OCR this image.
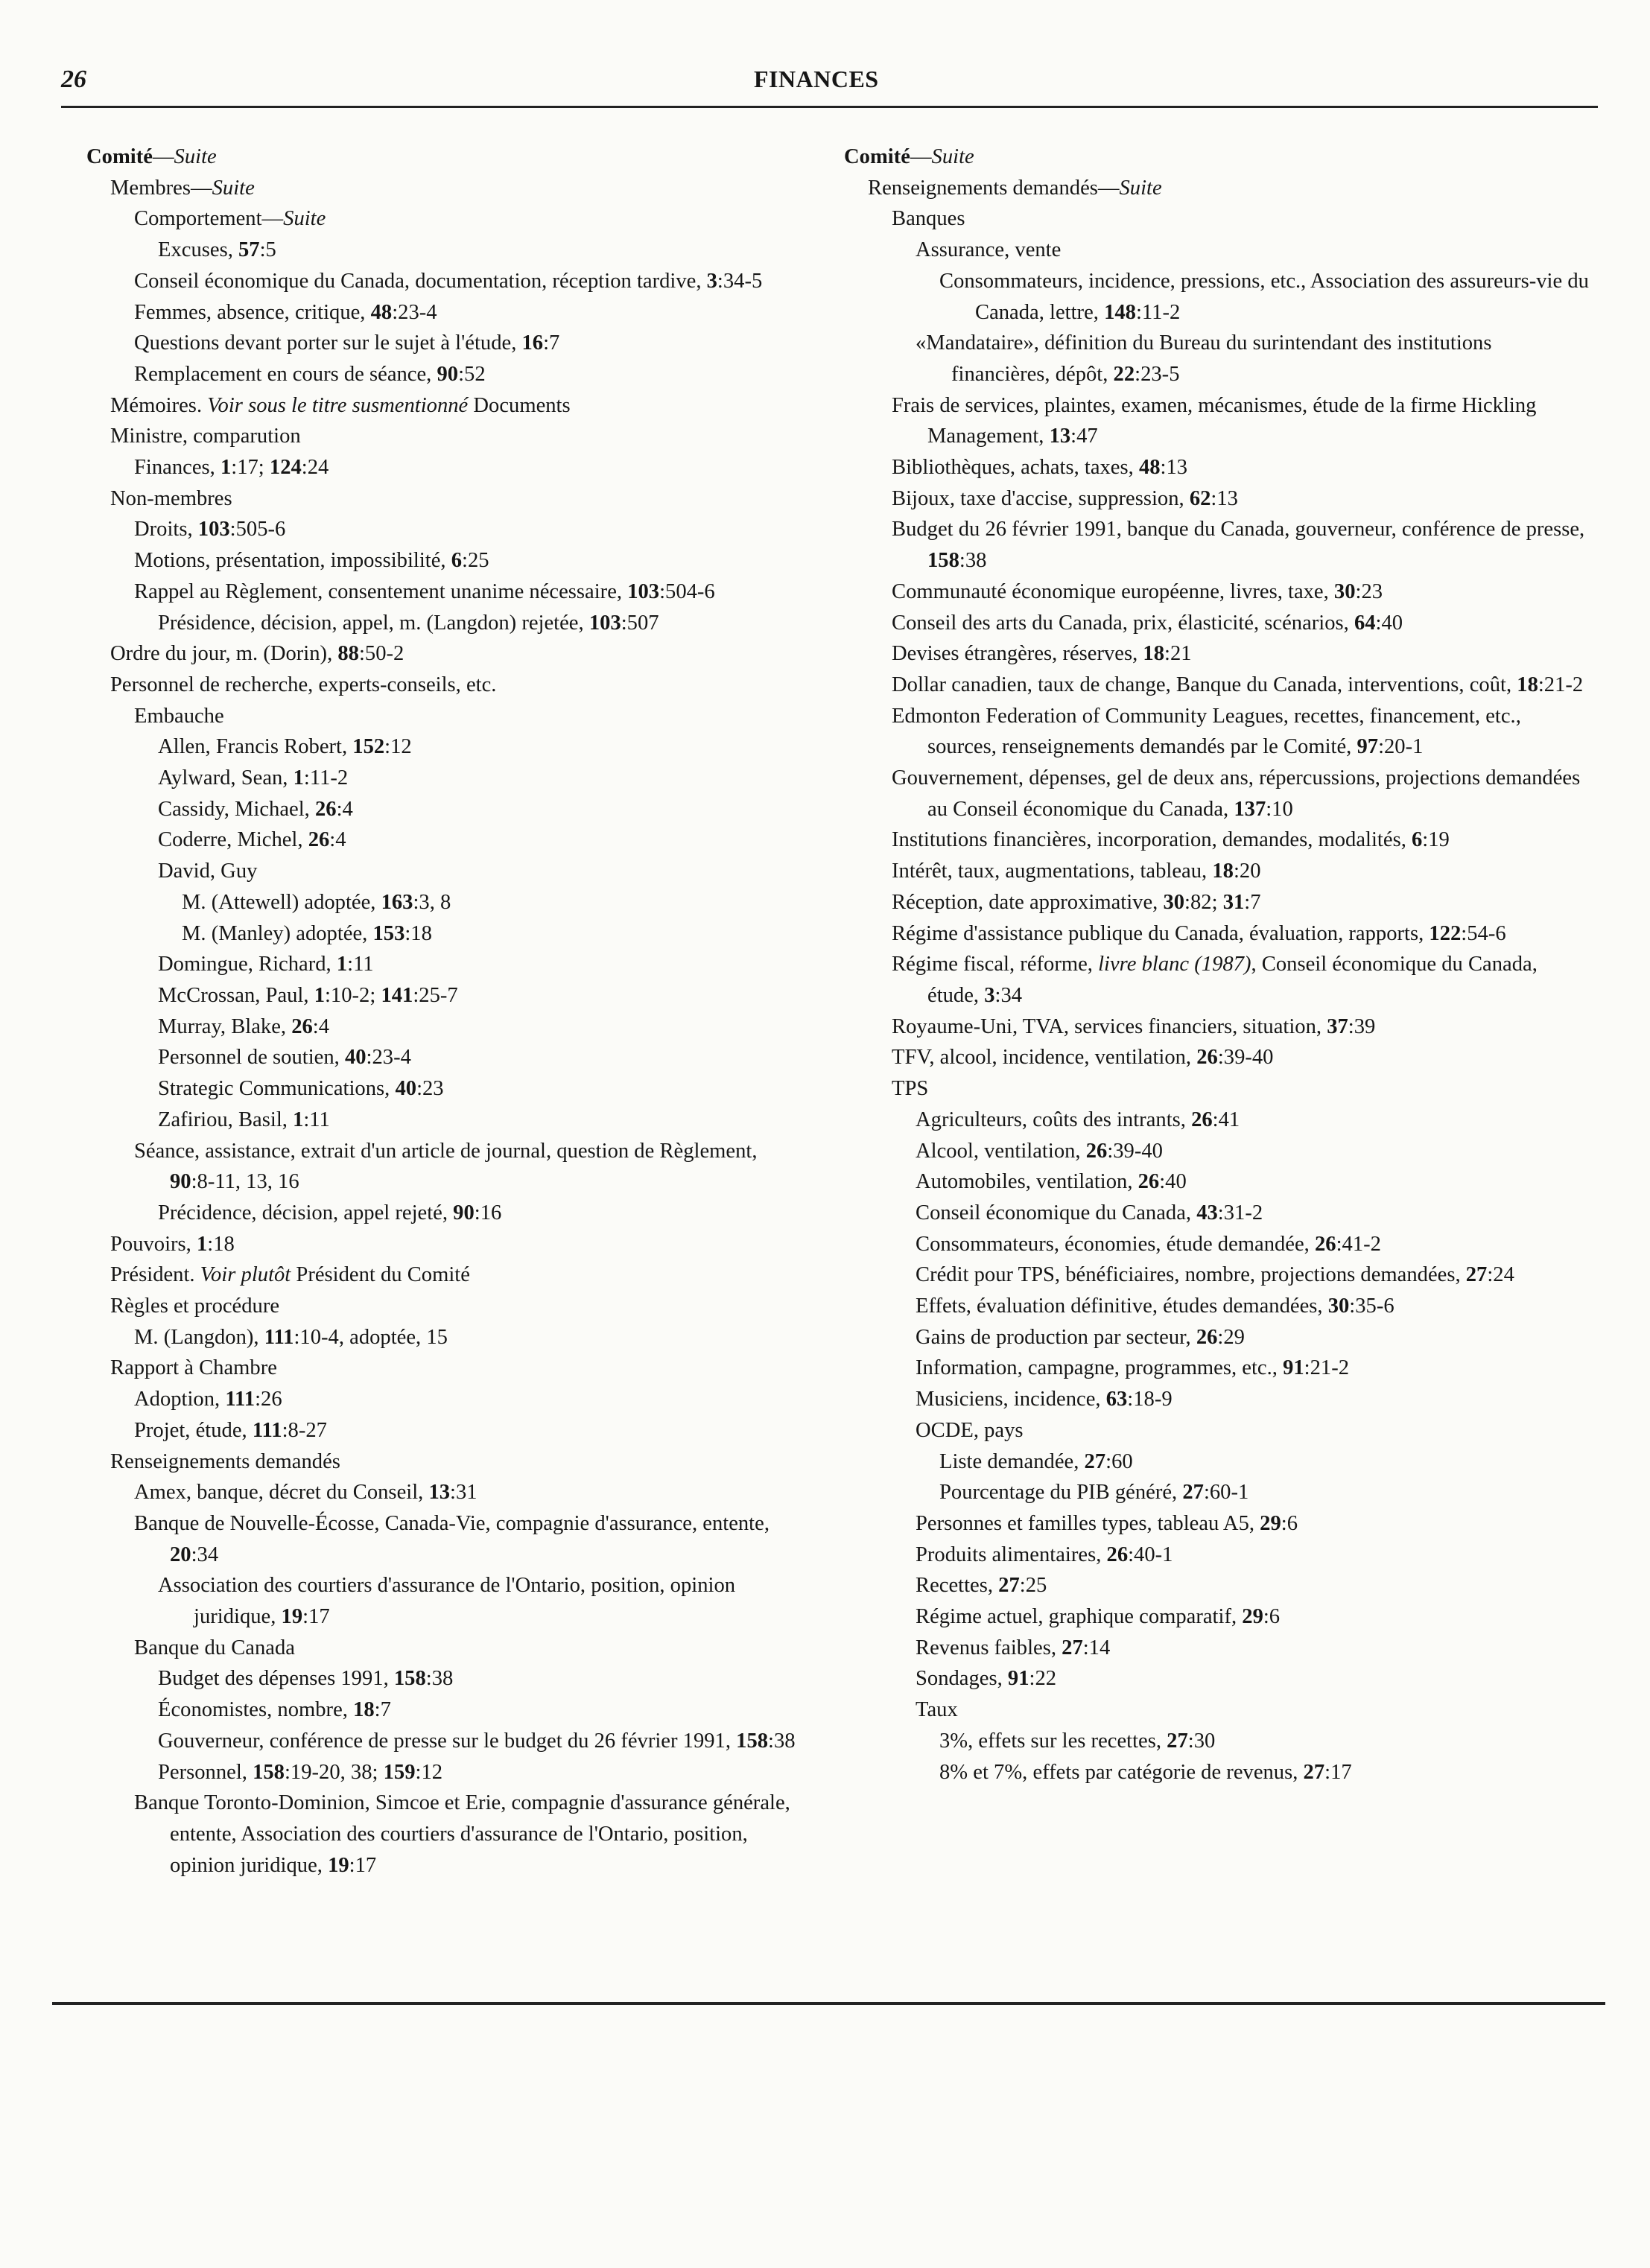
26	FINANCES
Comité—Suite
Membres—Suite
Comportement—Suite
Excuses, 57:5
Conseil économique du Canada, documentation, réception tardive, 3:34-5
Femmes, absence, critique, 48:23-4
Questions devant porter sur le sujet à l'étude, 16:7
Remplacement en cours de séance, 90:52
Mémoires. Voir sous le titre susmentionné Documents
Ministre, comparution
Finances, 1:17; 124:24
Non-membres
Droits, 103:505-6
Motions, présentation, impossibilité, 6:25
Rappel au Règlement, consentement unanime nécessaire, 103:504-6
Présidence, décision, appel, m. (Langdon) rejetée, 103:507
Ordre du jour, m. (Dorin), 88:50-2
Personnel de recherche, experts-conseils, etc.
Embauche
Allen, Francis Robert, 152:12
Aylward, Sean, 1:11-2
Cassidy, Michael, 26:4
Coderre, Michel, 26:4
David, Guy
M. (Attewell) adoptée, 163:3, 8
M. (Manley) adoptée, 153:18
Domingue, Richard, 1:11
McCrossan, Paul, 1:10-2; 141:25-7
Murray, Blake, 26:4
Personnel de soutien, 40:23-4
Strategic Communications, 40:23
Zafiriou, Basil, 1:11
Séance, assistance, extrait d'un article de journal, question de Règlement, 90:8-11, 13, 16
Précidence, décision, appel rejeté, 90:16
Pouvoirs, 1:18
Président. Voir plutôt Président du Comité
Règles et procédure
M. (Langdon), 111:10-4, adoptée, 15
Rapport à Chambre
Adoption, 111:26
Projet, étude, 111:8-27
Renseignements demandés
Amex, banque, décret du Conseil, 13:31
Banque de Nouvelle-Écosse, Canada-Vie, compagnie d'assurance, entente, 20:34
Association des courtiers d'assurance de l'Ontario, position, opinion juridique, 19:17
Banque du Canada
Budget des dépenses 1991, 158:38
Économistes, nombre, 18:7
Gouverneur, conférence de presse sur le budget du 26 février 1991, 158:38
Personnel, 158:19-20, 38; 159:12
Banque Toronto-Dominion, Simcoe et Erie, compagnie d'assurance générale, entente, Association des courtiers d'assurance de l'Ontario, position, opinion juridique, 19:17
Comité—Suite
Renseignements demandés—Suite
Banques
Assurance, vente
Consommateurs, incidence, pressions, etc., Association des assureurs-vie du Canada, lettre, 148:11-2
«Mandataire», définition du Bureau du surintendant des institutions financières, dépôt, 22:23-5
Frais de services, plaintes, examen, mécanismes, étude de la firme Hickling Management, 13:47
Bibliothèques, achats, taxes, 48:13
Bijoux, taxe d'accise, suppression, 62:13
Budget du 26 février 1991, banque du Canada, gouverneur, conférence de presse, 158:38
Communauté économique européenne, livres, taxe, 30:23
Conseil des arts du Canada, prix, élasticité, scénarios, 64:40
Devises étrangères, réserves, 18:21
Dollar canadien, taux de change, Banque du Canada, interventions, coût, 18:21-2
Edmonton Federation of Community Leagues, recettes, financement, etc., sources, renseignements demandés par le Comité, 97:20-1
Gouvernement, dépenses, gel de deux ans, répercussions, projections demandées au Conseil économique du Canada, 137:10
Institutions financières, incorporation, demandes, modalités, 6:19
Intérêt, taux, augmentations, tableau, 18:20
Réception, date approximative, 30:82; 31:7
Régime d'assistance publique du Canada, évaluation, rapports, 122:54-6
Régime fiscal, réforme, livre blanc (1987), Conseil économique du Canada, étude, 3:34
Royaume-Uni, TVA, services financiers, situation, 37:39
TFV, alcool, incidence, ventilation, 26:39-40
TPS
Agriculteurs, coûts des intrants, 26:41
Alcool, ventilation, 26:39-40
Automobiles, ventilation, 26:40
Conseil économique du Canada, 43:31-2
Consommateurs, économies, étude demandée, 26:41-2
Crédit pour TPS, bénéficiaires, nombre, projections demandées, 27:24
Effets, évaluation définitive, études demandées, 30:35-6
Gains de production par secteur, 26:29
Information, campagne, programmes, etc., 91:21-2
Musiciens, incidence, 63:18-9
OCDE, pays
Liste demandée, 27:60
Pourcentage du PIB généré, 27:60-1
Personnes et familles types, tableau A5, 29:6
Produits alimentaires, 26:40-1
Recettes, 27:25
Régime actuel, graphique comparatif, 29:6
Revenus faibles, 27:14
Sondages, 91:22
Taux
3%, effets sur les recettes, 27:30
8% et 7%, effets par catégorie de revenus, 27:17
